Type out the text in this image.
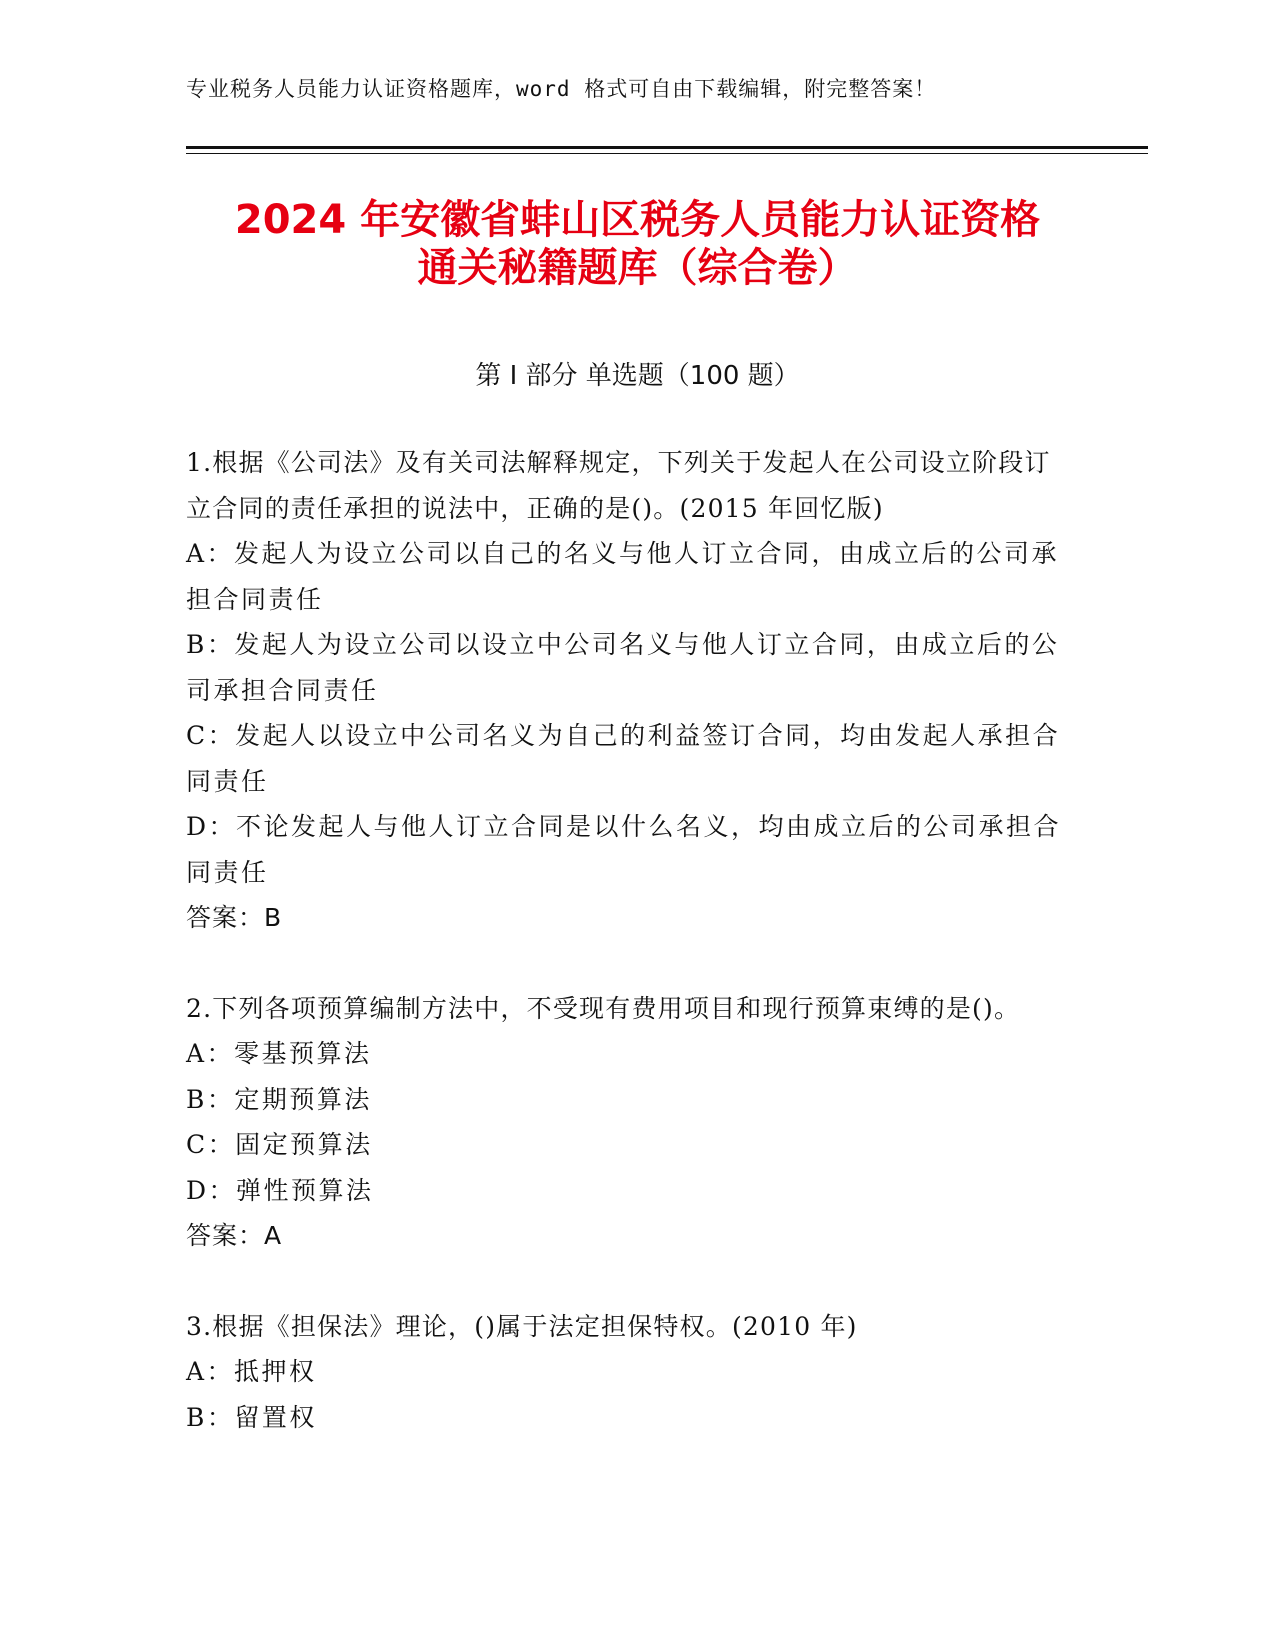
专业税务人员能力认证资格题库，word 格式可自由下载编辑，附完整答案！
2024 年安徽省蚌山区税务人员能力认证资格
通关秘籍题库（综合卷）
第 I 部分 单选题（100 题）
1.根据《公司法》及有关司法解释规定，下列关于发起人在公司设立阶段订立合同的责任承担的说法中，正确的是()。(2015 年回忆版)
A：发起人为设立公司以自己的名义与他人订立合同，由成立后的公司承担合同责任
B：发起人为设立公司以设立中公司名义与他人订立合同，由成立后的公司承担合同责任
C：发起人以设立中公司名义为自己的利益签订合同，均由发起人承担合同责任
D：不论发起人与他人订立合同是以什么名义，均由成立后的公司承担合同责任
答案：B
2.下列各项预算编制方法中，不受现有费用项目和现行预算束缚的是()。
A：零基预算法
B：定期预算法
C：固定预算法
D：弹性预算法
答案：A
3.根据《担保法》理论，()属于法定担保特权。(2010 年)
A：抵押权
B：留置权
